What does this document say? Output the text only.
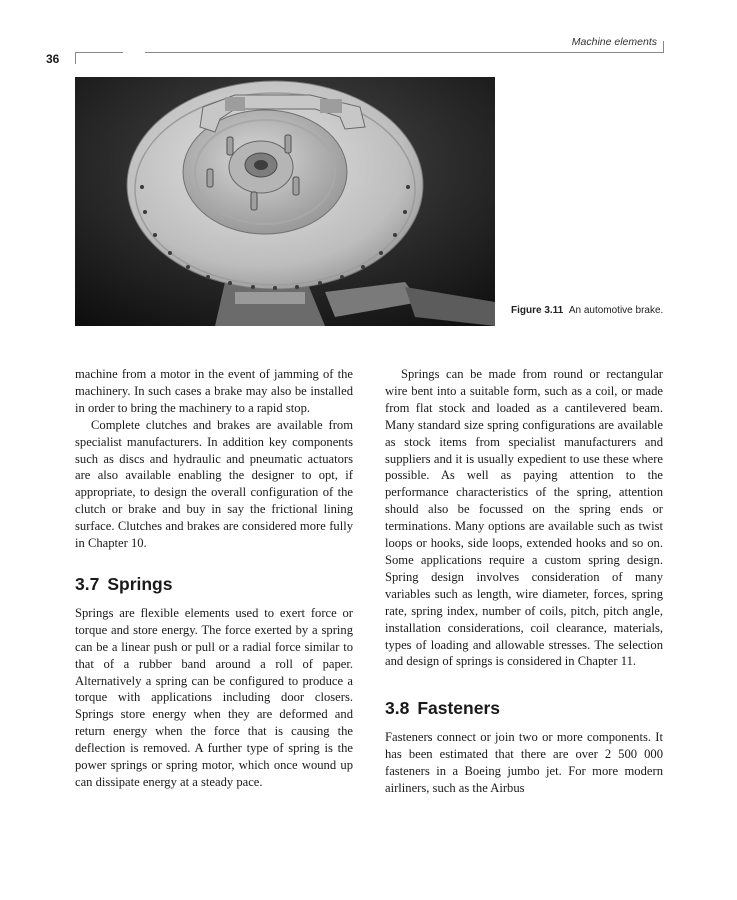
36
Machine elements
Figure 3.11 An automotive brake.

machine from a motor in the event of jamming of the machinery. In such cases a brake may also be installed in order to bring the machinery to a rapid stop.

Complete clutches and brakes are available from specialist manufacturers. In addition key components such as discs and hydraulic and pneumatic actuators are also available enabling the designer to opt, if appropriate, to design the overall configuration of the clutch or brake and buy in say the frictional lining surface. Clutches and brakes are considered more fully in Chapter 10.

3.7 Springs

Springs are flexible elements used to exert force or torque and store energy. The force exerted by a spring can be a linear push or pull or a radial force similar to that of a rubber band around a roll of paper. Alternatively a spring can be configured to produce a torque with applications including door closers. Springs store energy when they are deformed and return energy when the force that is causing the deflection is removed. A further type of spring is the power springs or spring motor, which once wound up can dissipate energy at a steady pace.

Springs can be made from round or rectangular wire bent into a suitable form, such as a coil, or made from flat stock and loaded as a cantilevered beam. Many standard size spring configurations are available as stock items from specialist manufacturers and suppliers and it is usually expedient to use these where possible. As well as paying attention to the performance characteristics of the spring, attention should also be focussed on the spring ends or terminations. Many options are available such as twist loops or hooks, side loops, extended hooks and so on. Some applications require a custom spring design. Spring design involves consideration of many variables such as length, wire diameter, forces, spring rate, spring index, number of coils, pitch, pitch angle, installation considerations, coil clearance, materials, types of loading and allowable stresses. The selection and design of springs is considered in Chapter 11.

3.8 Fasteners

Fasteners connect or join two or more components. It has been estimated that there are over 2 500 000 fasteners in a Boeing jumbo jet. For more modern airliners, such as the Airbus
